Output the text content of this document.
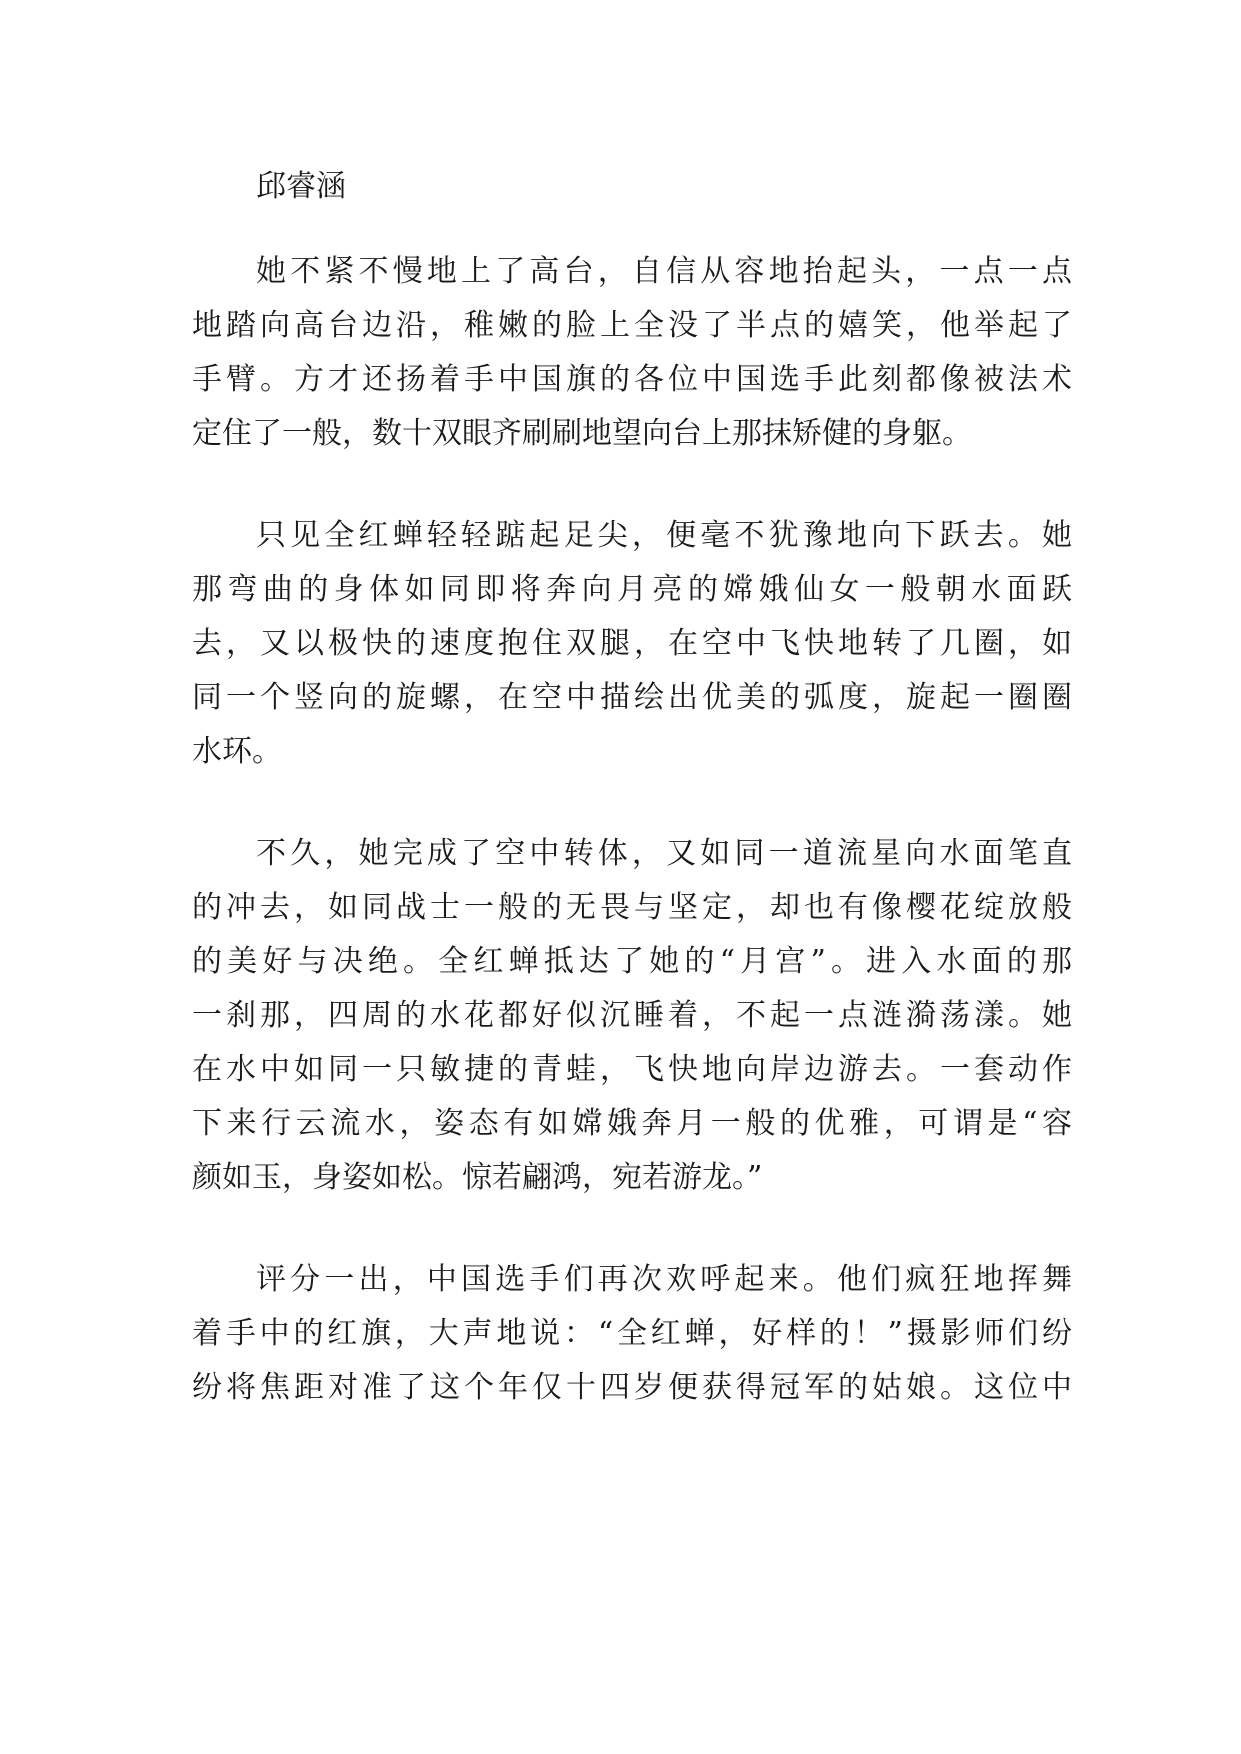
邱睿涵
她不紧不慢地上了高台，自信从容地抬起头，一点一点
地踏向高台边沿，稚嫩的脸上全没了半点的嬉笑，他举起了
手臂。方才还扬着手中国旗的各位中国选手此刻都像被法术
定住了一般，数十双眼齐刷刷地望向台上那抹矫健的身躯。
只见全红蝉轻轻踮起足尖，便毫不犹豫地向下跃去。她
那弯曲的身体如同即将奔向月亮的嫦娥仙女一般朝水面跃
去，又以极快的速度抱住双腿，在空中飞快地转了几圈，如
同一个竖向的旋螺，在空中描绘出优美的弧度，旋起一圈圈
水环。
不久，她完成了空中转体，又如同一道流星向水面笔直
的冲去，如同战士一般的无畏与坚定，却也有像樱花绽放般
的美好与决绝。全红蝉抵达了她的“月宫”。进入水面的那
一刹那，四周的水花都好似沉睡着，不起一点涟漪荡漾。她
在水中如同一只敏捷的青蛙，飞快地向岸边游去。一套动作
下来行云流水，姿态有如嫦娥奔月一般的优雅，可谓是“容
颜如玉，身姿如松。惊若翩鸿，宛若游龙。”
评分一出，中国选手们再次欢呼起来。他们疯狂地挥舞
着手中的红旗，大声地说：“全红蝉，好样的！”摄影师们纷
纷将焦距对准了这个年仅十四岁便获得冠军的姑娘。这位中
